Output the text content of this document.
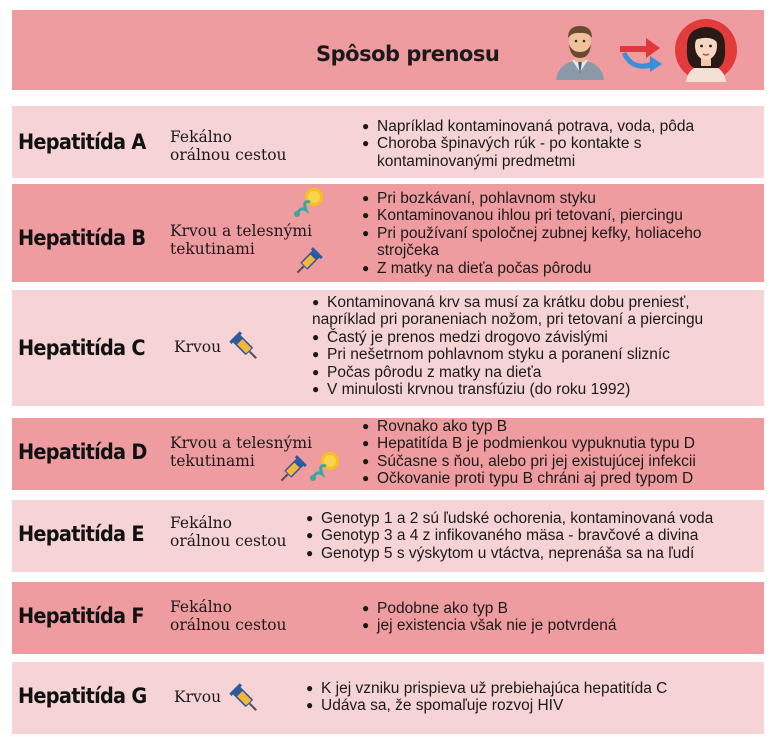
Spôsob prenosu
Hepatitída A Fekálno
orálnou cestou
● Napríklad kontaminovaná potrava, voda, pôda
● Choroba špinavých rúk - po kontakte s
kontaminovanými predmetmi
Hepatitída B Krvou a telesnými
tekutinami
● Pri bozkávaní, pohlavnom styku
● Kontaminovanou ihlou pri tetovaní, piercingu
● Pri používaní spoločnej zubnej kefky, holiaceho
strojčeka
● Z matky na dieťa počas pôrodu
Hepatitída C Krvou
● Kontaminovaná krv sa musí za krátku dobu preniesť,
napríklad pri poraneniach nožom, pri tetovaní a piercingu
● Častý je prenos medzi drogovo závislými
● Pri nešetrnom pohlavnom styku a poranení slizníc
● Počas pôrodu z matky na dieťa
● V minulosti krvnou transfúziu (do roku 1992)
Hepatitída D Krvou a telesnými
tekutinami
● Rovnako ako typ B
● Hepatitída B je podmienkou vypuknutia typu D
● Súčasne s ňou, alebo pri jej existujúcej infekcii
● Očkovanie proti typu B chráni aj pred typom D
Hepatitída E Fekálno
orálnou cestou
● Genotyp 1 a 2 sú ľudské ochorenia, kontaminovaná voda
● Genotyp 3 a 4 z infikovaného mäsa - bravčové a divina
● Genotyp 5 s výskytom u vtáctva, neprenáša sa na ľudí
Hepatitída F Fekálno
orálnou cestou
● Podobne ako typ B
● jej existencia však nie je potvrdená
Hepatitída G Krvou
●	K jej vzniku prispieva už prebiehajúca hepatitída C
● Udáva sa, že spomaľuje rozvoj HIV
